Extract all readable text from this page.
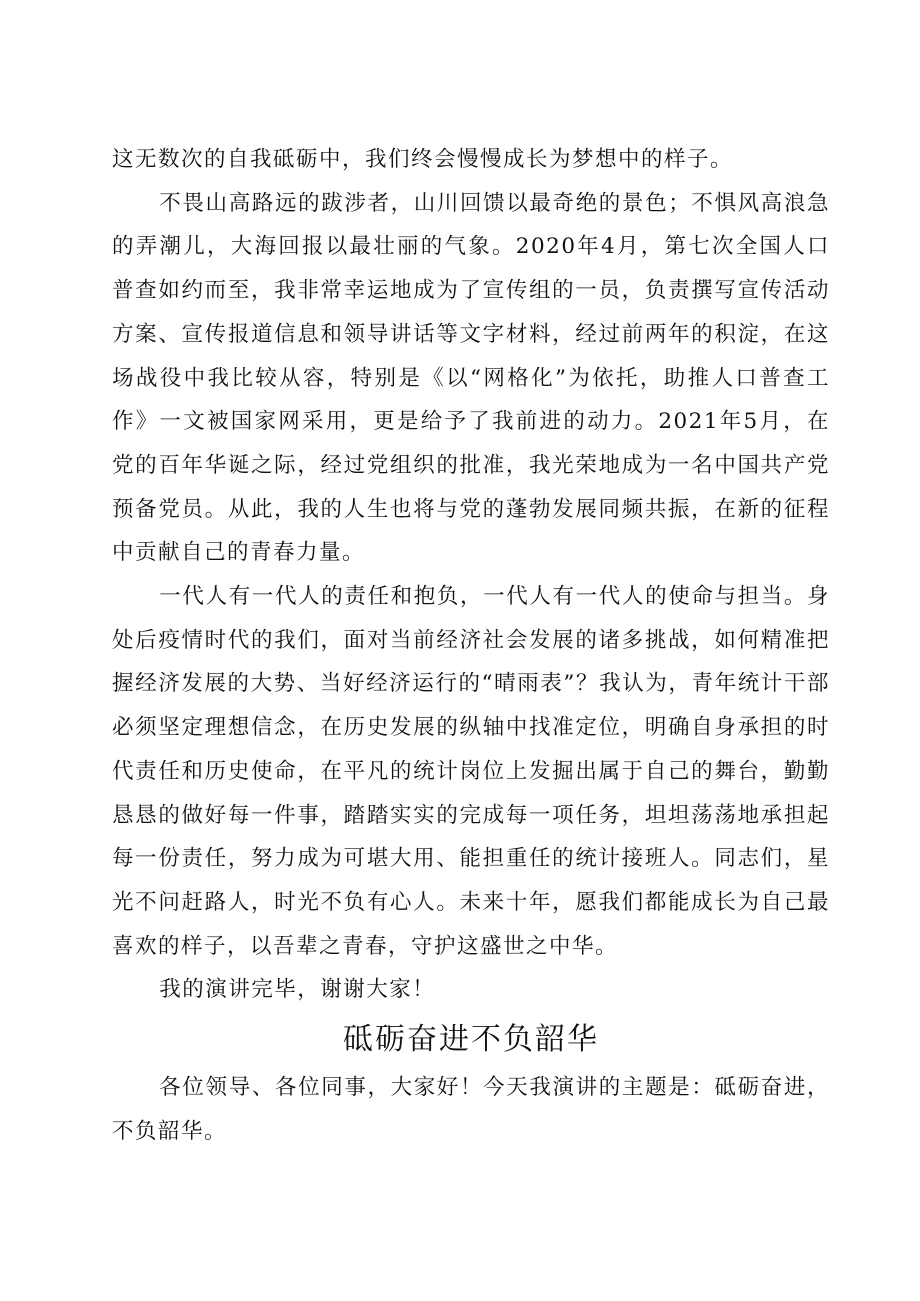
这无数次的自我砥砺中，我们终会慢慢成长为梦想中的样子。

不畏山高路远的跋涉者，山川回馈以最奇绝的景色；不惧风高浪急的弄潮儿，大海回报以最壮丽的气象。2020年4月，第七次全国人口普查如约而至，我非常幸运地成为了宣传组的一员，负责撰写宣传活动方案、宣传报道信息和领导讲话等文字材料，经过前两年的积淀，在这场战役中我比较从容，特别是《以“网格化”为依托，助推人口普查工作》一文被国家网采用，更是给予了我前进的动力。2021年5月，在党的百年华诞之际，经过党组织的批准，我光荣地成为一名中国共产党预备党员。从此，我的人生也将与党的蓬勃发展同频共振，在新的征程中贡献自己的青春力量。

一代人有一代人的责任和抱负，一代人有一代人的使命与担当。身处后疫情时代的我们，面对当前经济社会发展的诸多挑战，如何精准把握经济发展的大势、当好经济运行的“晴雨表”？我认为，青年统计干部必须坚定理想信念，在历史发展的纵轴中找准定位，明确自身承担的时代责任和历史使命，在平凡的统计岗位上发掘出属于自己的舞台，勤勤恳恳的做好每一件事，踏踏实实的完成每一项任务，坦坦荡荡地承担起每一份责任，努力成为可堪大用、能担重任的统计接班人。同志们，星光不问赶路人，时光不负有心人。未来十年，愿我们都能成长为自己最喜欢的样子，以吾辈之青春，守护这盛世之中华。

我的演讲完毕，谢谢大家！

砥砺奋进不负韶华

各位领导、各位同事，大家好！今天我演讲的主题是：砥砺奋进，不负韶华。
